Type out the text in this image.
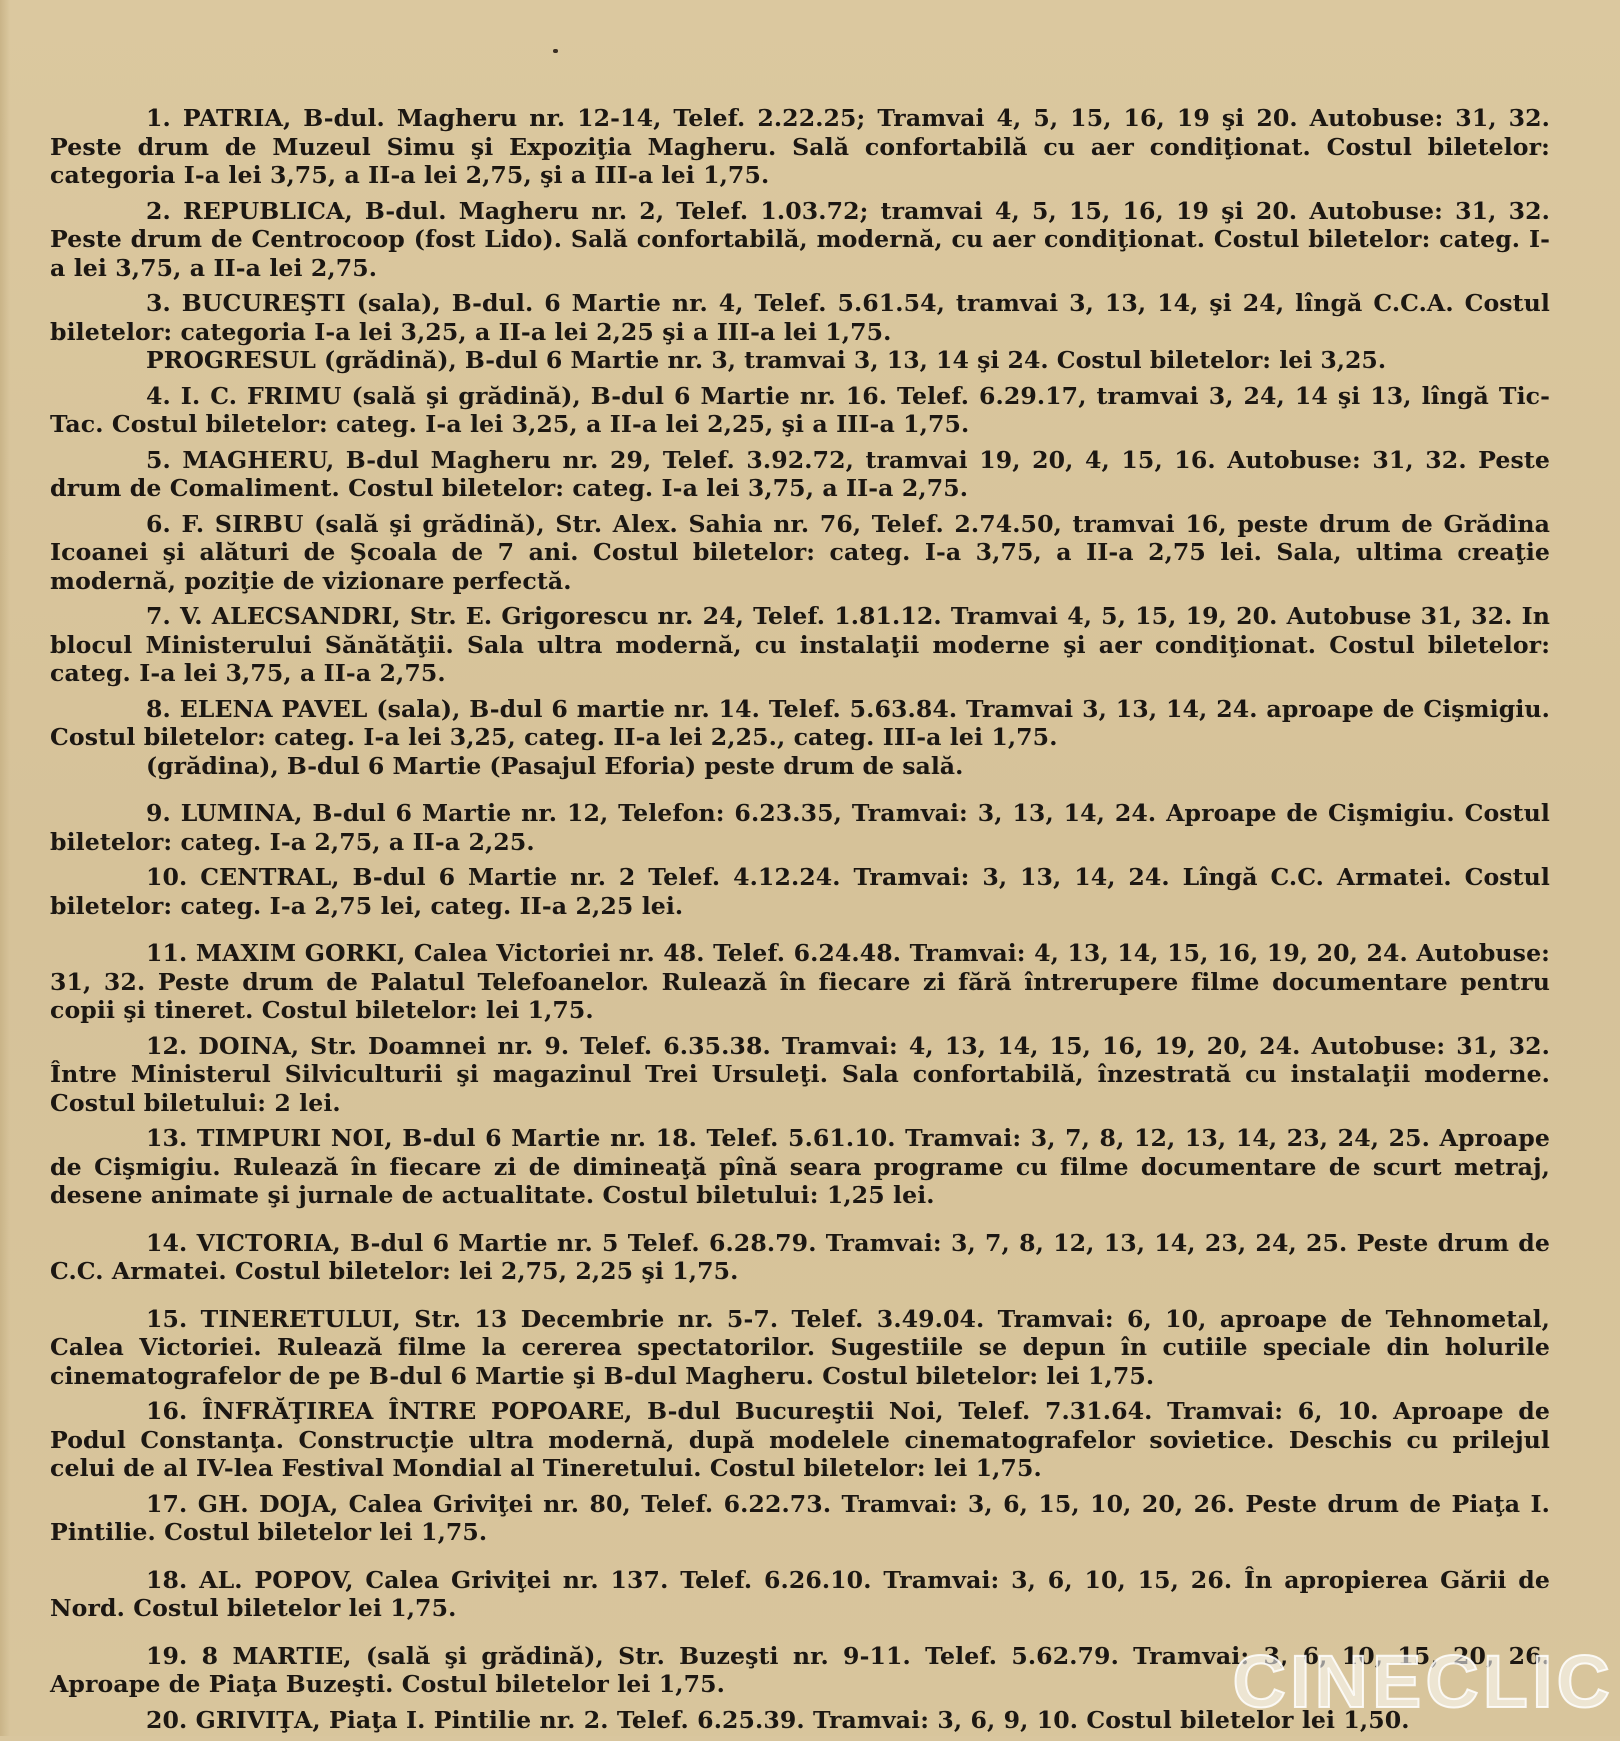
1. PATRIA, B-dul. Magheru nr. 12-14, Telef. 2.22.25; Tramvai 4, 5, 15, 16, 19 şi 20. Autobuse: 31, 32. Peste drum de Muzeul Simu şi Expoziţia Magheru. Sală confortabilă cu aer condiţionat. Costul biletelor: categoria I-a lei 3,75, a II-a lei 2,75, şi a III-a lei 1,75.

2. REPUBLICA, B-dul. Magheru nr. 2, Telef. 1.03.72; tramvai 4, 5, 15, 16, 19 şi 20. Autobuse: 31, 32. Peste drum de Centrocoop (fost Lido). Sală confortabilă, modernă, cu aer condiţionat. Costul biletelor: categ. I-a lei 3,75, a II-a lei 2,75.

3. BUCUREŞTI (sala), B-dul. 6 Martie nr. 4, Telef. 5.61.54, tramvai 3, 13, 14, şi 24, lîngă C.C.A. Costul biletelor: categoria I-a lei 3,25, a II-a lei 2,25 şi a III-a lei 1,75.

PROGRESUL (grădină), B-dul 6 Martie nr. 3, tramvai 3, 13, 14 şi 24. Costul biletelor: lei 3,25.

4. I. C. FRIMU (sală şi grădină), B-dul 6 Martie nr. 16. Telef. 6.29.17, tramvai 3, 24, 14 şi 13, lîngă Tic-Tac. Costul biletelor: categ. I-a lei 3,25, a II-a lei 2,25, şi a III-a 1,75.

5. MAGHERU, B-dul Magheru nr. 29, Telef. 3.92.72, tramvai 19, 20, 4, 15, 16. Autobuse: 31, 32. Peste drum de Comaliment. Costul biletelor: categ. I-a lei 3,75, a II-a 2,75.

6. F. SIRBU (sală şi grădină), Str. Alex. Sahia nr. 76, Telef. 2.74.50, tramvai 16, peste drum de Grădina Icoanei şi alături de Şcoala de 7 ani. Costul biletelor: categ. I-a 3,75, a II-a 2,75 lei. Sala, ultima creaţie modernă, poziţie de vizionare perfectă.

7. V. ALECSANDRI, Str. E. Grigorescu nr. 24, Telef. 1.81.12. Tramvai 4, 5, 15, 19, 20. Autobuse 31, 32. In blocul Ministerului Sănătăţii. Sala ultra modernă, cu instalaţii moderne şi aer condiţionat. Costul biletelor: categ. I-a lei 3,75, a II-a 2,75.

8. ELENA PAVEL (sala), B-dul 6 martie nr. 14. Telef. 5.63.84. Tramvai 3, 13, 14, 24. aproape de Cişmigiu. Costul biletelor: categ. I-a lei 3,25, categ. II-a lei 2,25., categ. III-a lei 1,75.

(grădina), B-dul 6 Martie (Pasajul Eforia) peste drum de sală.

9. LUMINA, B-dul 6 Martie nr. 12, Telefon: 6.23.35, Tramvai: 3, 13, 14, 24. Aproape de Cişmigiu. Costul biletelor: categ. I-a 2,75, a II-a 2,25.

10. CENTRAL, B-dul 6 Martie nr. 2 Telef. 4.12.24. Tramvai: 3, 13, 14, 24. Lîngă C.C. Armatei. Costul biletelor: categ. I-a 2,75 lei, categ. II-a 2,25 lei.

11. MAXIM GORKI, Calea Victoriei nr. 48. Telef. 6.24.48. Tramvai: 4, 13, 14, 15, 16, 19, 20, 24. Autobuse: 31, 32. Peste drum de Palatul Telefoanelor. Rulează în fiecare zi fără întrerupere filme documentare pentru copii şi tineret. Costul biletelor: lei 1,75.

12. DOINA, Str. Doamnei nr. 9. Telef. 6.35.38. Tramvai: 4, 13, 14, 15, 16, 19, 20, 24. Autobuse: 31, 32. Între Ministerul Silviculturii şi magazinul Trei Ursuleţi. Sala confortabilă, înzestrată cu instalaţii moderne. Costul biletului: 2 lei.

13. TIMPURI NOI, B-dul 6 Martie nr. 18. Telef. 5.61.10. Tramvai: 3, 7, 8, 12, 13, 14, 23, 24, 25. Aproape de Cişmigiu. Rulează în fiecare zi de dimineaţă pînă seara programe cu filme documentare de scurt metraj, desene animate şi jurnale de actualitate. Costul biletului: 1,25 lei.

14. VICTORIA, B-dul 6 Martie nr. 5 Telef. 6.28.79. Tramvai: 3, 7, 8, 12, 13, 14, 23, 24, 25. Peste drum de C.C. Armatei. Costul biletelor: lei 2,75, 2,25 şi 1,75.

15. TINERETULUI, Str. 13 Decembrie nr. 5-7. Telef. 3.49.04. Tramvai: 6, 10, aproape de Tehnometal, Calea Victoriei. Rulează filme la cererea spectatorilor. Sugestiile se depun în cutiile speciale din holurile cinematografelor de pe B-dul 6 Martie şi B-dul Magheru. Costul biletelor: lei 1,75.

16. ÎNFRĂŢIREA ÎNTRE POPOARE, B-dul Bucureştii Noi, Telef. 7.31.64. Tramvai: 6, 10. Aproape de Podul Constanţa. Construcţie ultra modernă, după modelele cinematografelor sovietice. Deschis cu prilejul celui de al IV-lea Festival Mondial al Tineretului. Costul biletelor: lei 1,75.

17. GH. DOJA, Calea Griviţei nr. 80, Telef. 6.22.73. Tramvai: 3, 6, 15, 10, 20, 26. Peste drum de Piaţa I. Pintilie. Costul biletelor lei 1,75.

18. AL. POPOV, Calea Griviţei nr. 137. Telef. 6.26.10. Tramvai: 3, 6, 10, 15, 26. În apropierea Gării de Nord. Costul biletelor lei 1,75.

19. 8 MARTIE, (sală şi grădină), Str. Buzeşti nr. 9-11. Telef. 5.62.79. Tramvai: 3, 6, 10, 15, 20, 26. Aproape de Piaţa Buzeşti. Costul biletelor lei 1,75.

20. GRIVIŢA, Piaţa I. Pintilie nr. 2. Telef. 6.25.39. Tramvai: 3, 6, 9, 10. Costul biletelor lei 1,50.

CINECLIC
